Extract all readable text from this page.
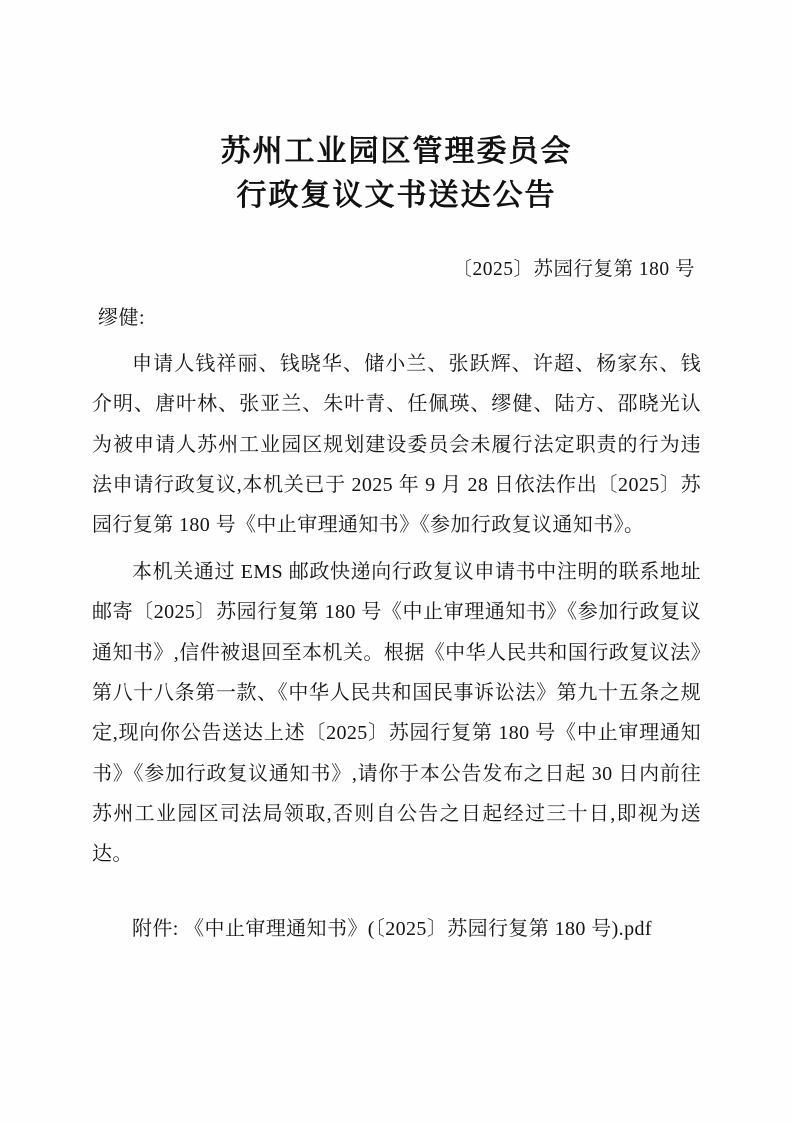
苏州工业园区管理委员会
行政复议文书送达公告
〔2025〕苏园行复第 180 号
缪健:

申请人钱祥丽、钱晓华、储小兰、张跃辉、许超、杨家东、钱介明、唐叶林、张亚兰、朱叶青、任佩瑛、缪健、陆方、邵晓光认为被申请人苏州工业园区规划建设委员会未履行法定职责的行为违法申请行政复议,本机关已于 2025 年 9 月 28 日依法作出〔2025〕苏园行复第 180 号《中止审理通知书》《参加行政复议通知书》。

本机关通过 EMS 邮政快递向行政复议申请书中注明的联系地址邮寄〔2025〕苏园行复第 180 号《中止审理通知书》《参加行政复议通知书》,信件被退回至本机关。根据《中华人民共和国行政复议法》第八十八条第一款、《中华人民共和国民事诉讼法》第九十五条之规定,现向你公告送达上述〔2025〕苏园行复第 180 号《中止审理通知书》《参加行政复议通知书》,请你于本公告发布之日起 30 日内前往苏州工业园区司法局领取,否则自公告之日起经过三十日,即视为送达。

附件: 《中止审理通知书》(〔2025〕苏园行复第 180 号).pdf
